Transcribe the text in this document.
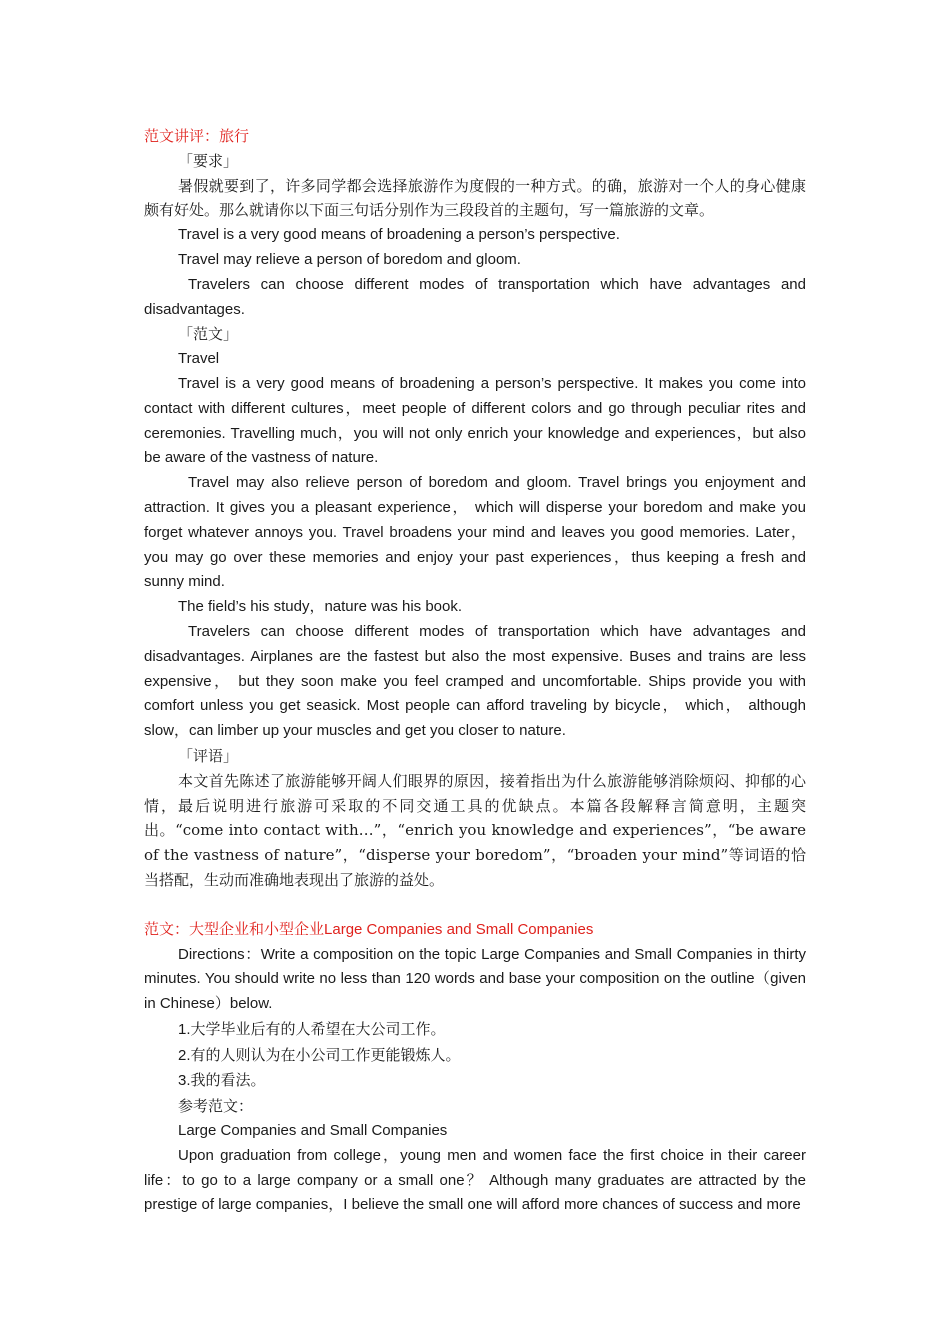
范文讲评：旅行

「要求」

暑假就要到了，许多同学都会选择旅游作为度假的一种方式。的确，旅游对一个人的身心健康颇有好处。那么就请你以下面三句话分别作为三段段首的主题句，写一篇旅游的文章。

Travel is a very good means of broadening a person’s perspective.

Travel may relieve a person of boredom and gloom.

Travelers can choose different modes of transportation which have advantages and disadvantages.

「范文」

Travel

Travel is a very good means of broadening a person’s perspective. It makes you come into contact with different cultures，meet people of different colors and go through peculiar rites and ceremonies. Travelling much，you will not only enrich your knowledge and experiences，but also be aware of the vastness of nature.

Travel may also relieve person of boredom and gloom. Travel brings you enjoyment and attraction. It gives you a pleasant experience， which will disperse your boredom and make you forget whatever annoys you. Travel broadens your mind and leaves you good memories. Later，you may go over these memories and enjoy your past experiences，thus keeping a fresh and sunny mind.

The field’s his study，nature was his book.

Travelers can choose different modes of transportation which have advantages and disadvantages. Airplanes are the fastest but also the most expensive. Buses and trains are less expensive， but they soon make you feel cramped and uncomfortable. Ships provide you with comfort unless you get seasick. Most people can afford traveling by bicycle， which， although slow，can limber up your muscles and get you closer to nature.

「评语」

本文首先陈述了旅游能够开阔人们眼界的原因，接着指出为什么旅游能够消除烦闷、抑郁的心情，最后说明进行旅游可采取的不同交通工具的优缺点。本篇各段解释言简意明，主题突出。“come into contact with…”，“enrich you knowledge and experiences”，“be aware of the vastness of nature”，“disperse your boredom”，“broaden your mind”等词语的恰当搭配，生动而准确地表现出了旅游的益处。

范文：大型企业和小型企业Large Companies and Small Companies

Directions：Write a composition on the topic Large Companies and Small Companies in thirty minutes. You should write no less than 120 words and base your composition on the outline（given in Chinese）below.

1.大学毕业后有的人希望在大公司工作。

2.有的人则认为在小公司工作更能锻炼人。

3.我的看法。

参考范文：

Large Companies and Small Companies

Upon graduation from college，young men and women face the first choice in their career life：to go to a large company or a small one？ Although many graduates are attracted by the prestige of large companies，I believe the small one will afford more chances of success and more
